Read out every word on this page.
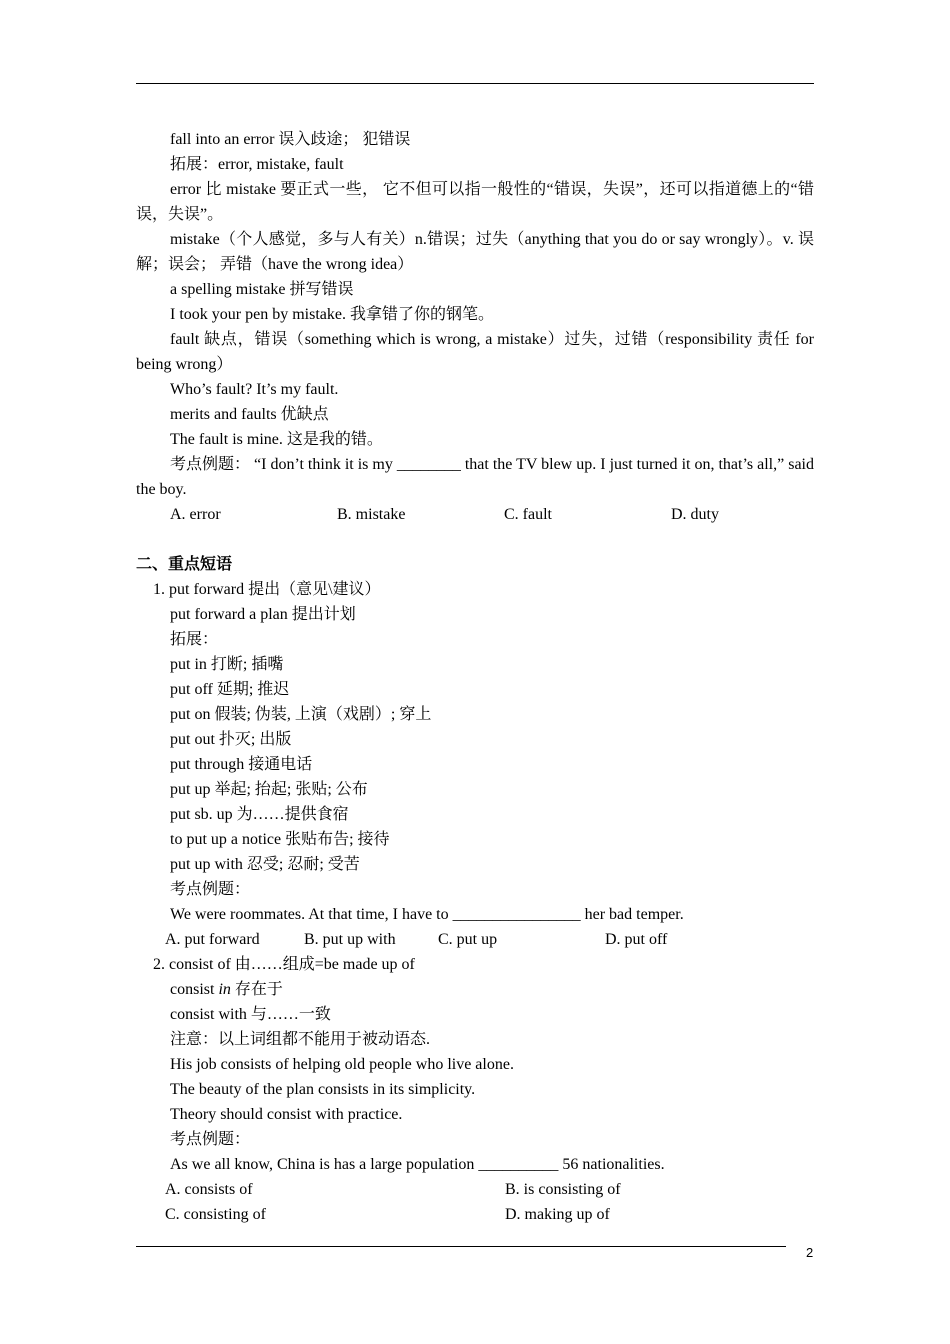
fall into an error 误入歧途； 犯错误
拓展：error, mistake, fault
error 比 mistake 要正式一些， 它不但可以指一般性的“错误，失误”，还可以指道德上的“错误，失误”。
mistake（个人感觉，多与人有关）n.错误；过失（anything that you do or say wrongly）。v. 误解；误会； 弄错（have the wrong idea）
a spelling mistake 拼写错误
I took your pen by mistake. 我拿错了你的钢笔。
fault 缺点，错误（something which is wrong, a mistake）过失，过错（responsibility 责任 for being wrong）
Who’s fault? It’s my fault.
merits and faults 优缺点
The fault is mine. 这是我的错。
考点例题： “I don’t think it is my ________ that the TV blew up. I just turned it on, that’s all,” said the boy.
A. error	B. mistake	C. fault	D. duty
二、重点短语
1. put forward 提出（意见\建议）
put forward a plan 提出计划
拓展：
put in 打断; 插嘴
put off 延期; 推迟
put on 假装; 伪装, 上演（戏剧）; 穿上
put out 扑灭; 出版
put through 接通电话
put up 举起; 抬起; 张贴; 公布
put sb. up 为……提供食宿
to put up a notice 张贴布告; 接待
put up with 忍受; 忍耐; 受苦
考点例题：
We were roommates. At that time, I have to ________________ her bad temper.
A. put forward	B. put up with	C. put up	D. put off
2. consist of 由……组成=be made up of
consist in 存在于
consist with 与……一致
注意：以上词组都不能用于被动语态.
His job consists of helping old people who live alone.
The beauty of the plan consists in its simplicity.
Theory should consist with practice.
考点例题：
As we all know, China is has a large population __________ 56 nationalities.
A. consists of	B. is consisting of
C. consisting of	D. making up of
2
